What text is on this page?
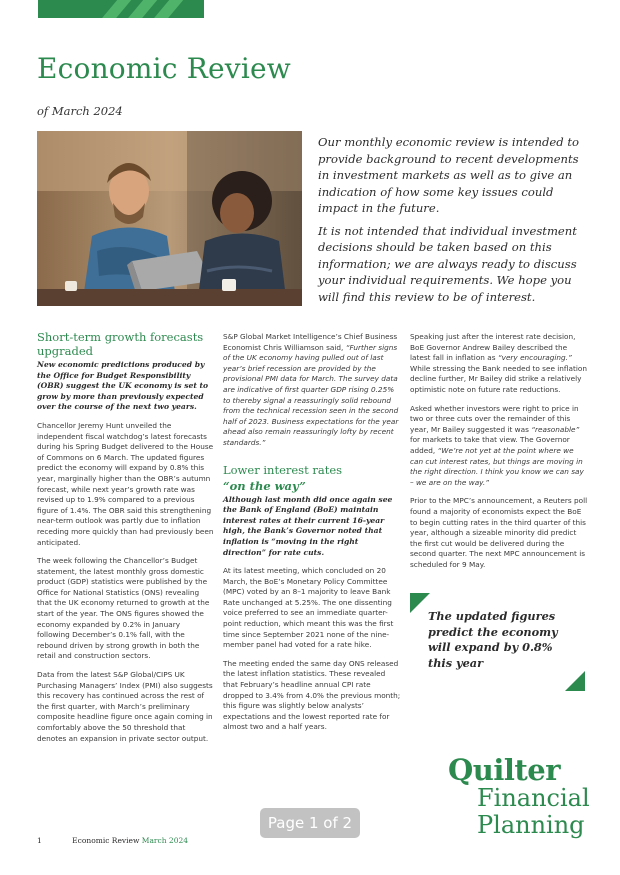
Economic Review
of March 2024

Our monthly economic review is intended to provide background to recent developments in investment markets as well as to give an indication of how some key issues could impact in the future.

It is not intended that individual investment decisions should be taken based on this information; we are always ready to discuss your individual requirements. We hope you will find this review to be of interest.

Short-term growth forecasts upgraded

New economic predictions produced by the Office for Budget Responsibility (OBR) suggest the UK economy is set to grow by more than previously expected over the course of the next two years.

Chancellor Jeremy Hunt unveiled the independent fiscal watchdog’s latest forecasts during his Spring Budget delivered to the House of Commons on 6 March. The updated figures predict the economy will expand by 0.8% this year, marginally higher than the OBR’s autumn forecast, while next year’s growth rate was revised up to 1.9% compared to a previous figure of 1.4%. The OBR said this strengthening near-term outlook was partly due to inflation receding more quickly than had previously been anticipated.

The week following the Chancellor’s Budget statement, the latest monthly gross domestic product (GDP) statistics were published by the Office for National Statistics (ONS) revealing that the UK economy returned to growth at the start of the year. The ONS figures showed the economy expanded by 0.2% in January following December’s 0.1% fall, with the rebound driven by strong growth in both the retail and construction sectors.

Data from the latest S&P Global/CIPS UK Purchasing Managers’ Index (PMI) also suggests this recovery has continued across the rest of the first quarter, with March’s preliminary composite headline figure once again coming in comfortably above the 50 threshold that denotes an expansion in private sector output.

S&P Global Market Intelligence’s Chief Business Economist Chris Williamson said, “Further signs of the UK economy having pulled out of last year’s brief recession are provided by the provisional PMI data for March. The survey data are indicative of first quarter GDP rising 0.25% to thereby signal a reassuringly solid rebound from the technical recession seen in the second half of 2023. Business expectations for the year ahead also remain reassuringly lofty by recent standards.”

Lower interest rates
“on the way”

Although last month did once again see the Bank of England (BoE) maintain interest rates at their current 16-year high, the Bank’s Governor noted that inflation is “moving in the right direction” for rate cuts.

At its latest meeting, which concluded on 20 March, the BoE’s Monetary Policy Committee (MPC) voted by an 8–1 majority to leave Bank Rate unchanged at 5.25%. The one dissenting voice preferred to see an immediate quarter-point reduction, which meant this was the first time since September 2021 none of the nine-member panel had voted for a rate hike.

The meeting ended the same day ONS released the latest inflation statistics. These revealed that February’s headline annual CPI rate dropped to 3.4% from 4.0% the previous month; this figure was slightly below analysts’ expectations and the lowest reported rate for almost two and a half years.

Speaking just after the interest rate decision, BoE Governor Andrew Bailey described the latest fall in inflation as “very encouraging.” While stressing the Bank needed to see inflation decline further, Mr Bailey did strike a relatively optimistic note on future rate reductions.

Asked whether investors were right to price in two or three cuts over the remainder of this year, Mr Bailey suggested it was “reasonable” for markets to take that view. The Governor added, “We’re not yet at the point where we can cut interest rates, but things are moving in the right direction. I think you know we can say – we are on the way.”

Prior to the MPC’s announcement, a Reuters poll found a majority of economists expect the BoE to begin cutting rates in the third quarter of this year, although a sizeable minority did predict the first cut would be delivered during the second quarter. The next MPC announcement is scheduled for 9 May.

The updated figures predict the economy will expand by 0.8% this year
Quilter
Financial
Planning
1	Economic Review March 2024
Page 1 of 2
